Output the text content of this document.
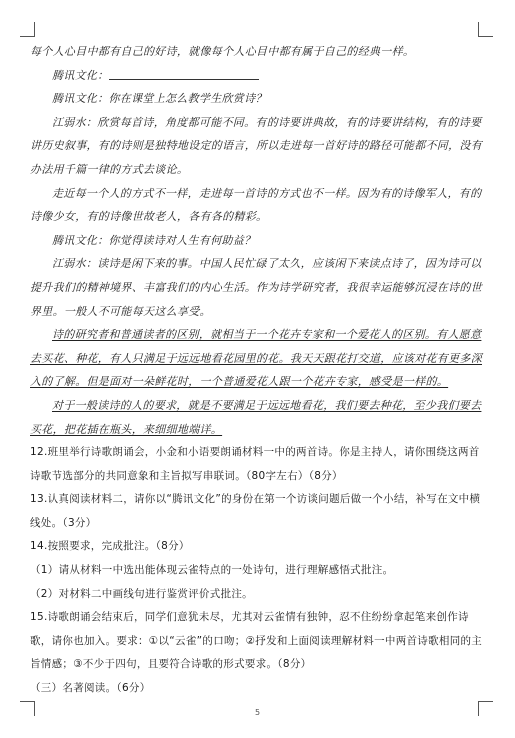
每个人心目中都有自己的好诗，就像每个人心目中都有属于自己的经典一样。

腾讯文化：

腾讯文化：你在课堂上怎么教学生欣赏诗？

江弱水：欣赏每首诗，角度都可能不同。有的诗要讲典故，有的诗要讲结构，有的诗要讲历史叙事，有的诗则是独特地设定的语言，所以走进每一首好诗的路径可能都不同，没有办法用千篇一律的方式去谈论。

走近每一个人的方式不一样，走进每一首诗的方式也不一样。因为有的诗像军人，有的诗像少女，有的诗像世故老人，各有各的精彩。

腾讯文化：你觉得读诗对人生有何助益？

江弱水：读诗是闲下来的事。中国人民忙碌了太久，应该闲下来读点诗了，因为诗可以提升我们的精神境界、丰富我们的内心生活。作为诗学研究者，我很幸运能够沉浸在诗的世界里。一般人不可能每天这么享受。

诗的研究者和普通读者的区别，就相当于一个花卉专家和一个爱花人的区别。有人愿意去买花、种花，有人只满足于远远地看花园里的花。我天天跟花打交道，应该对花有更多深入的了解。但是面对一朵鲜花时，一个普通爱花人跟一个花卉专家，感受是一样的。

对于一般读诗的人的要求，就是不要满足于远远地看花，我们要去种花，至少我们要去买花，把花插在瓶头，来细细地端详。

12.班里举行诗歌朗诵会，小金和小语要朗诵材料一中的两首诗。你是主持人，请你围绕这两首诗歌节选部分的共同意象和主旨拟写串联词。（80字左右）（8分）

13.认真阅读材料二，请你以“腾讯文化”的身份在第一个访谈问题后做一个小结，补写在文中横线处。（3分）

14.按照要求，完成批注。（8分）

（1）请从材料一中选出能体现云雀特点的一处诗句，进行理解感悟式批注。

（2）对材料二中画线句进行鉴赏评价式批注。

15.诗歌朗诵会结束后，同学们意犹未尽，尤其对云雀情有独钟，忍不住纷纷拿起笔来创作诗歌，请你也加入。要求：①以“云雀”的口吻；②抒发和上面阅读理解材料一中两首诗歌相同的主旨情感；③不少于四句，且要符合诗歌的形式要求。（8分）

（三）名著阅读。（6分）

5
